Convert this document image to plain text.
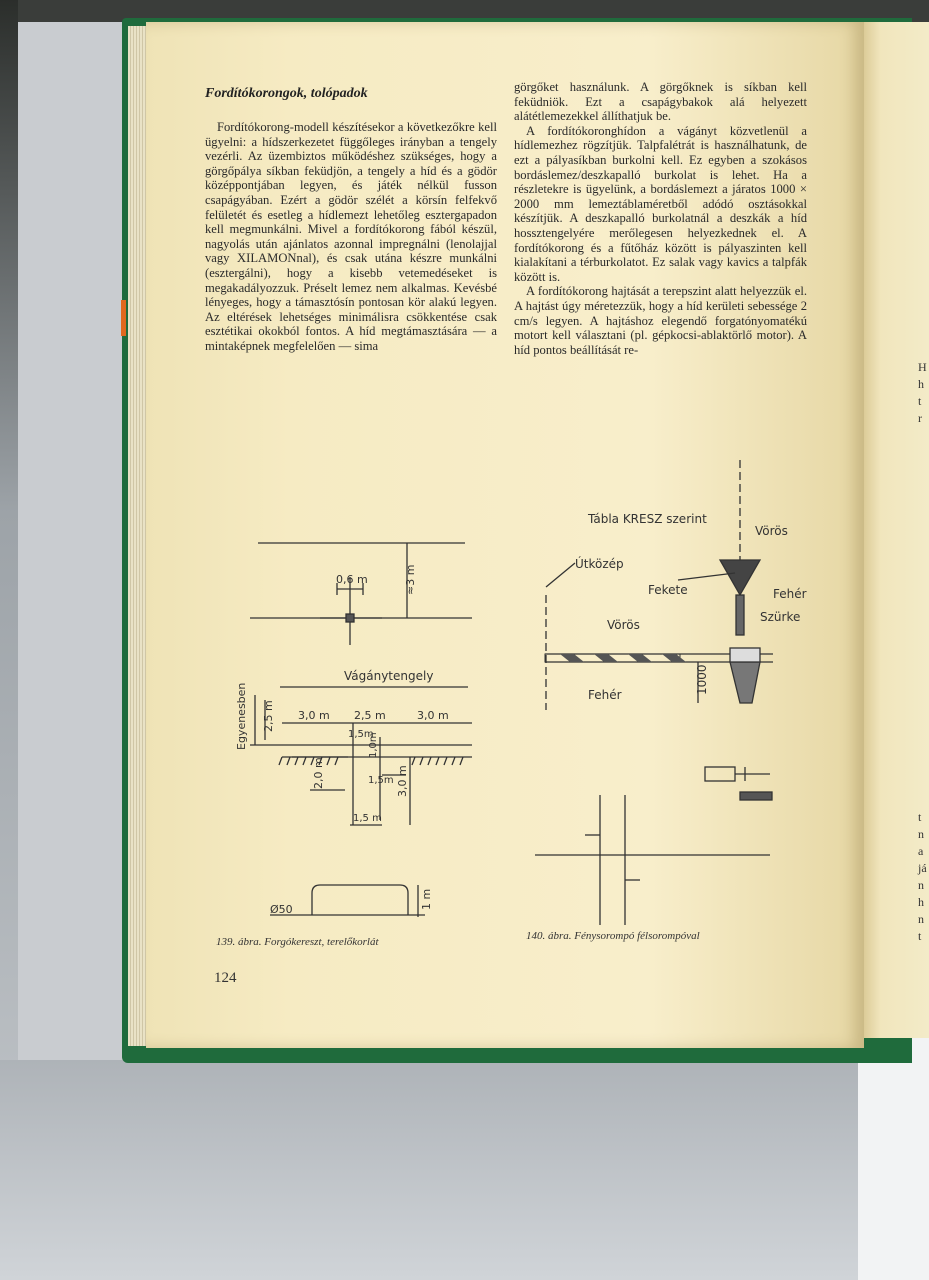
H
h
t
r
t
n
a
já
n
h
n
t
Fordítókorongok, tolópadok

Fordítókorong-modell készítésekor a következőkre kell ügyelni: a hídszerkezetet függőleges irányban a tengely vezérli. Az üzembiztos működéshez szükséges, hogy a görgőpálya síkban feküdjön, a tengely a híd és a gödör középpontjában legyen, és játék nélkül fusson csapágyában. Ezért a gödör szélét a körsín felfekvő felületét és esetleg a hídlemezt lehetőleg esztergapadon kell megmunkálni. Mivel a fordítókorong fából készül, nagyolás után ajánlatos azonnal impregnálni (lenolajjal vagy XILAMONnal), és csak utána készre munkálni (esztergálni), hogy a kisebb vetemedéseket is megakadályozzuk. Préselt lemez nem alkalmas. Kevésbé lényeges, hogy a támasztósín pontosan kör alakú legyen. Az eltérések lehetséges minimálisra csökkentése csak esztétikai okokból fontos. A híd megtámasztására — a mintaképnek megfelelően — sima

görgőket használunk. A görgőknek is síkban kell feküdniök. Ezt a csapágybakok alá helyezett alátétlemezekkel állíthatjuk be.

A fordítókoronghídon a vágányt közvetlenül a hídlemezhez rögzítjük. Talpfalétrát is használhatunk, de ezt a pályasíkban burkolni kell. Ez egyben a szokásos bordáslemez/deszkapalló burkolat is lehet. Ha a részletekre is ügyelünk, a bordáslemezt a járatos 1000 × 2000 mm lemeztáblaméretből adódó osztásokkal készítjük. A deszkapalló burkolatnál a deszkák a híd hossztengelyére merőlegesen helyezkednek el. A fordítókorong és a fűtőház között is pályaszinten kell kialakítani a térburkolatot. Ez salak vagy kavics a talpfák között is.

A fordítókorong hajtását a terepszint alatt helyezzük el. A hajtást úgy méretezzük, hogy a híd kerületi sebessége 2 cm/s legyen. A hajtáshoz elegendő forgatónyomatékú motort kell választani (pl. gépkocsi-ablaktörlő motor). A híd pontos beállítását re-

0,6 m	≈3 m
Vágánytengely
Egyenesben 2,5 m 3,0 m 2,5 m	3,0 m
1,5m
1,0m
1,5m
2,0 m	3,0 m
1,5 m
Ø50	1 m
Tábla KRESZ szerint
Vörös
Útközép
Fekete	Fehér
Szürke
Vörös
1000
Fehér
139. ábra. Forgókereszt, terelőkorlát	140. ábra. Fénysorompó félsorompóval
124
